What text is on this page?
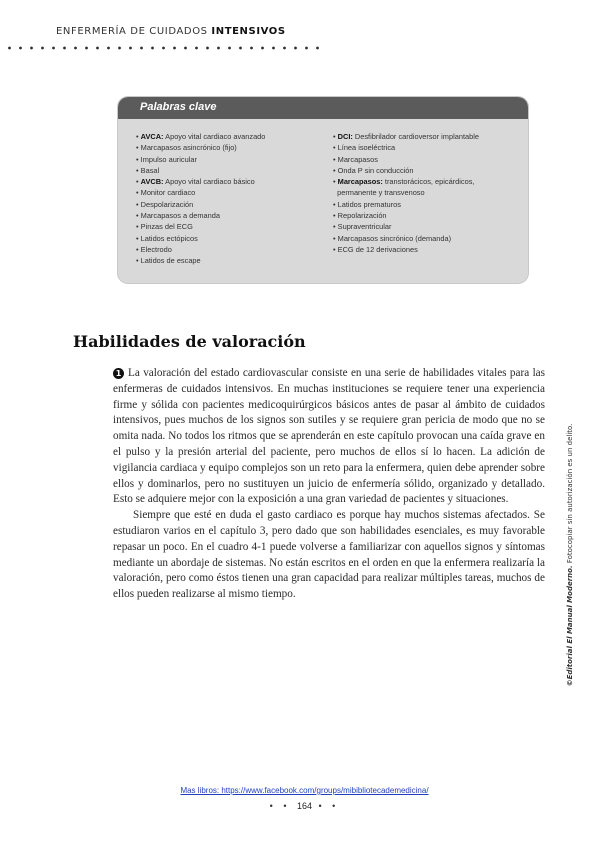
ENFERMERÍA DE CUIDADOS INTENSIVOS
Palabras clave
• AVCA: Apoyo vital cardiaco avanzado
• Marcapasos asincrónico (fijo)
• Impulso auricular
• Basal
• AVCB: Apoyo vital cardiaco básico
• Monitor cardiaco
• Despolarización
• Marcapasos a demanda
• Pinzas del ECG
• Latidos ectópicos
• Electrodo
• Latidos de escape
• DCI: Desfibrilador cardioversor implantable
• Línea isoeléctrica
• Marcapasos
• Onda P sin conducción
• Marcapasos: transtorácicos, epicárdicos,
permanente y transvenoso
• Latidos prematuros
• Repolarización
• Supraventricular
• Marcapasos sincrónico (demanda)
• ECG de 12 derivaciones
Habilidades de valoración

1 La valoración del estado cardiovascular consiste en una serie de habilidades vitales para las enfermeras de cuidados intensivos. En muchas instituciones se requiere tener una experiencia firme y sólida con pacientes medicoquirúrgicos básicos antes de pasar al ámbito de cuidados intensivos, pues muchos de los signos son sutiles y se requiere gran pericia de modo que no se omita nada. No todos los ritmos que se aprenderán en este capítulo provocan una caída grave en el pulso y la presión arterial del paciente, pero muchos de ellos sí lo hacen. La adición de vigilancia cardiaca y equipo complejos son un reto para la enfermera, quien debe aprender sobre ellos y dominarlos, pero no sustituyen un juicio de enfermería sólido, organizado y detallado. Esto se adquiere mejor con la exposición a una gran variedad de pacientes y situaciones.

Siempre que esté en duda el gasto cardiaco es porque hay muchos sistemas afectados. Se estudiaron varios en el capítulo 3, pero dado que son habilidades esenciales, es muy favorable repasar un poco. En el cuadro 4-1 puede volverse a familiarizar con aquellos signos y síntomas mediante un abordaje de sistemas. No están escritos en el orden en que la enfermera realizaría la valoración, pero como éstos tienen una gran capacidad para realizar múltiples tareas, muchos de ellos pueden realizarse al mismo tiempo.	©Editorial El Manual Moderno. Fotocopiar sin autorización es un delito.
Mas libros: https://www.facebook.com/groups/mibibliotecademedicina/
• • 164 • •
